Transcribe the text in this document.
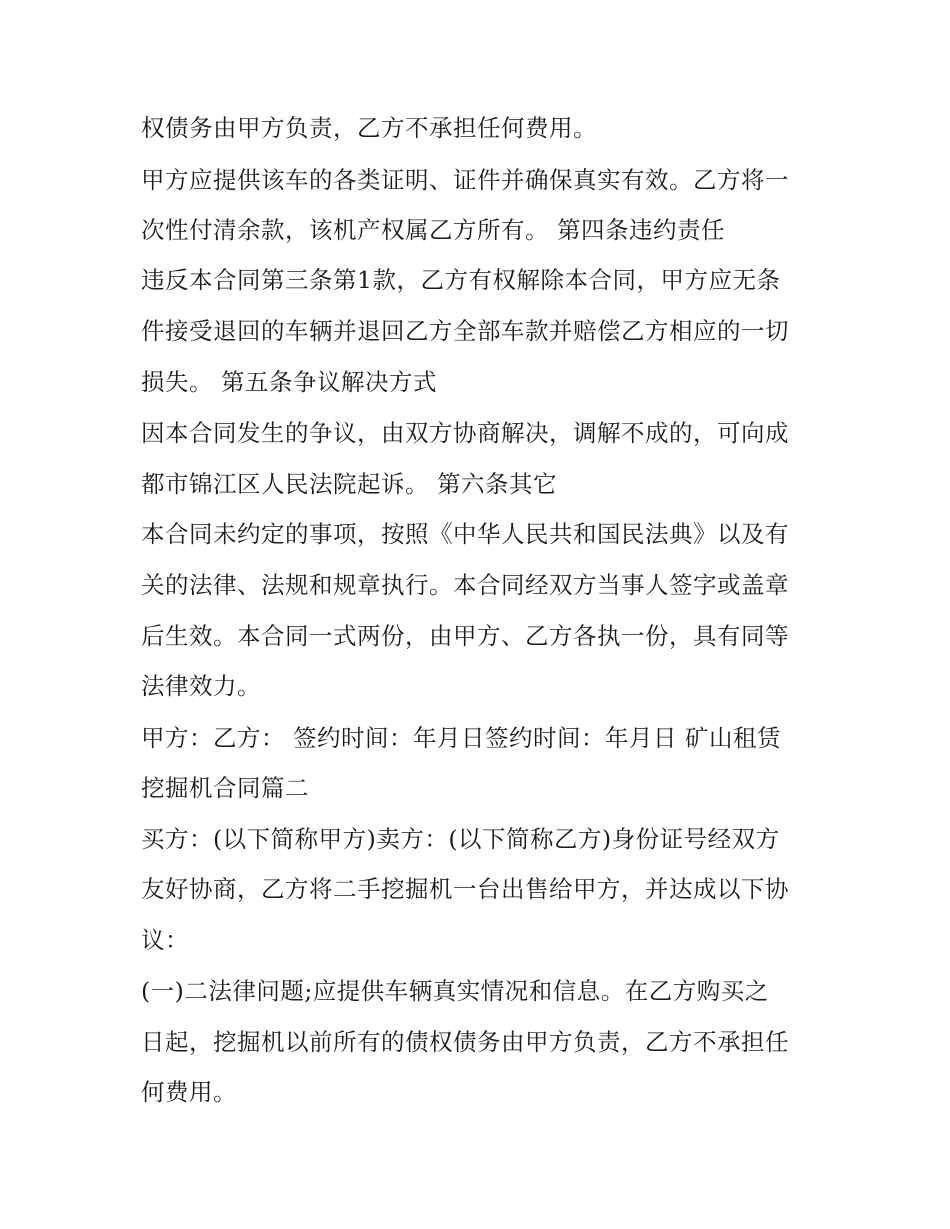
权债务由甲方负责，乙方不承担任何费用。
甲方应提供该车的各类证明、证件并确保真实有效。乙方将一
次性付清余款，该机产权属乙方所有。 第四条违约责任
违反本合同第三条第1款，乙方有权解除本合同，甲方应无条
件接受退回的车辆并退回乙方全部车款并赔偿乙方相应的一切
损失。 第五条争议解决方式
因本合同发生的争议，由双方协商解决，调解不成的，可向成
都市锦江区人民法院起诉。 第六条其它
本合同未约定的事项，按照《中华人民共和国民法典》以及有
关的法律、法规和规章执行。本合同经双方当事人签字或盖章
后生效。本合同一式两份，由甲方、乙方各执一份，具有同等
法律效力。
甲方：乙方： 签约时间：年月日签约时间：年月日 矿山租赁
挖掘机合同篇二
买方：(以下简称甲方)卖方：(以下简称乙方)身份证号经双方
友好协商，乙方将二手挖掘机一台出售给甲方，并达成以下协
议：
(一)二法律问题;应提供车辆真实情况和信息。在乙方购买之
日起，挖掘机以前所有的债权债务由甲方负责，乙方不承担任
何费用。
